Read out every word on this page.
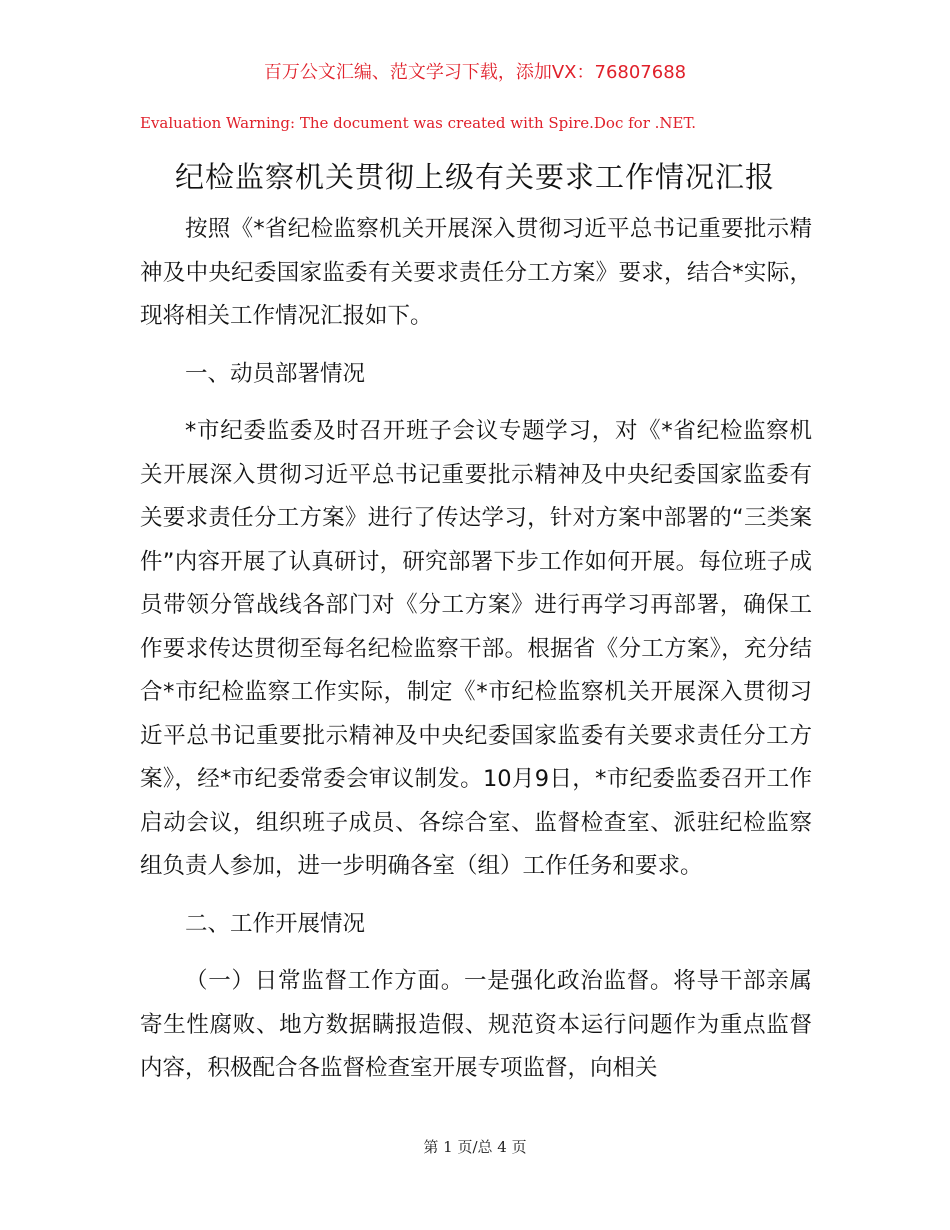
百万公文汇编、范文学习下载，添加VX：76807688
Evaluation Warning: The document was created with Spire.Doc for .NET.
纪检监察机关贯彻上级有关要求工作情况汇报

按照《*省纪检监察机关开展深入贯彻习近平总书记重要批示精神及中央纪委国家监委有关要求责任分工方案》要求，结合*实际，现将相关工作情况汇报如下。

一、动员部署情况

*市纪委监委及时召开班子会议专题学习，对《*省纪检监察机关开展深入贯彻习近平总书记重要批示精神及中央纪委国家监委有关要求责任分工方案》进行了传达学习，针对方案中部署的“三类案件”内容开展了认真研讨，研究部署下步工作如何开展。每位班子成员带领分管战线各部门对《分工方案》进行再学习再部署，确保工作要求传达贯彻至每名纪检监察干部。根据省《分工方案》，充分结合*市纪检监察工作实际，制定《*市纪检监察机关开展深入贯彻习近平总书记重要批示精神及中央纪委国家监委有关要求责任分工方案》，经*市纪委常委会审议制发。10月9日，*市纪委监委召开工作启动会议，组织班子成员、各综合室、监督检查室、派驻纪检监察组负责人参加，进一步明确各室（组）工作任务和要求。

二、工作开展情况

（一）日常监督工作方面。一是强化政治监督。将导干部亲属寄生性腐败、地方数据瞒报造假、规范资本运行问题作为重点监督内容，积极配合各监督检查室开展专项监督，向相关

第 1 页/总 4 页
